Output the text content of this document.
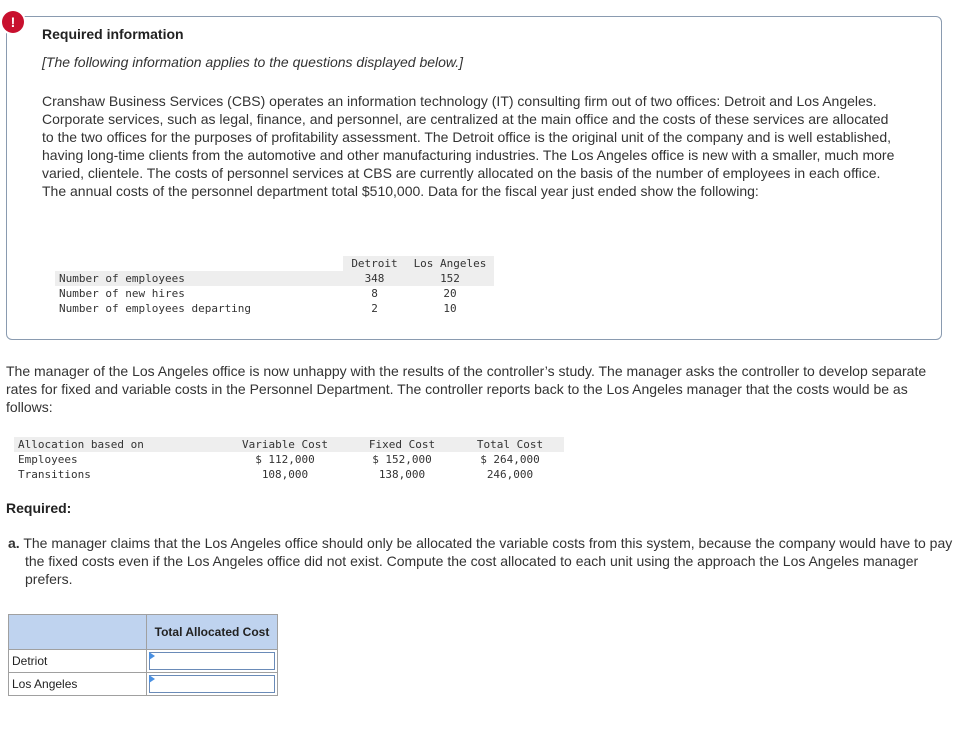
!
Required information
[The following information applies to the questions displayed below.]

Cranshaw Business Services (CBS) operates an information technology (IT) consulting firm out of two offices: Detroit and Los Angeles. Corporate services, such as legal, finance, and personnel, are centralized at the main office and the costs of these services are allocated to the two offices for the purposes of profitability assessment. The Detroit office is the original unit of the company and is well established, having long-time clients from the automotive and other manufacturing industries. The Los Angeles office is new with a smaller, much more varied, clientele. The costs of personnel services at CBS are currently allocated on the basis of the number of employees in each office. The annual costs of the personnel department total $510,000. Data for the fiscal year just ended show the following:

	Detroit	Los Angeles
Number of employees	348	152
Number of new hires	8	20
Number of employees departing	2	10

The manager of the Los Angeles office is now unhappy with the results of the controller’s study. The manager asks the controller to develop separate rates for fixed and variable costs in the Personnel Department. The controller reports back to the Los Angeles manager that the costs would be as follows:

Allocation based on	Variable Cost	Fixed Cost	Total Cost
Employees	$ 112,000	$ 152,000	$ 264,000
Transitions	108,000	138,000	246,000
Required:

a. The manager claims that the Los Angeles office should only be allocated the variable costs from this system, because the company would have to pay the fixed costs even if the Los Angeles office did not exist. Compute the cost allocated to each unit using the approach the Los Angeles manager prefers.

	Total Allocated Cost
Detriot	

Los Angeles	
